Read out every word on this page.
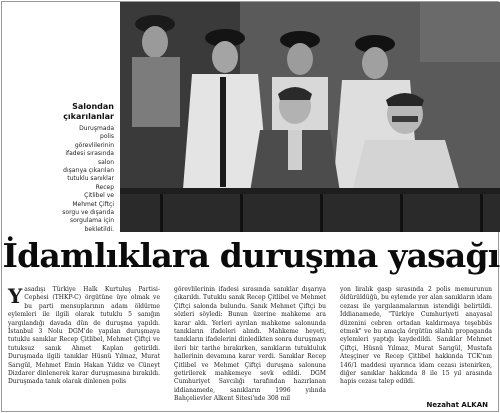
Salondan
çıkarılanlar
Duruşmada
polis
görevlilerinin
ifadesi sırasında
salon
dışarıya çıkarılan
tutuklu sanıklar
Recep
Çitlibel ve
Mehmet Çiftçi
sorgu ve dışarıda
sorgulama için
bekletildi.
İdamlıklara duruşma yasağı
Y asadışı Türkiye Halk Kurtuluş Partisi-Cephesi (THKP-C) örgütüne üye olmak ve bu parti mensuplarının adam öldürme eylemleri ile ilgili olarak tutuklu 5 sanığın yargılandığı davada dün de duruşma yapıldı. İstanbul 3 Nolu DGM'de yapılan duruşmaya tutuklu sanıklar Recep Çitlibel, Mehmet Çiftçi ve tutuksuz sanık Ahmet Kaplan getirildi. Duruşmada ilgili tanıklar Hüsnü Yılmaz, Murat Sarıgül, Mehmet Emin Hakan Yıldız ve Cüneyt Dizdarer dinlenerek karar duruşmasına bırakıldı. Duruşmada tanık olarak dinlenen polis

görevlilerinin ifadesi sırasında sanıklar dışarıya çıkarıldı. Tutuklu sanık Recep Çitlibel ve Mehmet Çiftçi salonda bulundu. Sanık Mehmet Çiftçi bu sözleri söyledi: Bunun üzerine mahkeme ara karar aldı. Yerleri ayrılan mahkeme salonunda tanıkların ifadeleri alındı. Mahkeme heyeti, tanıkların ifadelerini dinledikten sonra duruşmayı ileri bir tarihe bırakırken, sanıkların tutukluluk hallerinin devamına karar verdi. Sanıklar Recep Çitlibel ve Mehmet Çiftçi duruşma salonuna getirilerek mahkemeye sevk edildi. DGM Cumhuriyet Savcılığı tarafından hazırlanan iddianamede, sanıkların 1996 yılında Bahçelievler Alkent Sitesi'nde 308 mil

yon liralık gasp sırasında 2 polis memurunun öldürüldüğü, bu eylemde yer alan sanıkların idam cezası ile yargılanmalarının istendiği belirtildi. İddianamede, "Türkiye Cumhuriyeti anayasal düzenini cebren ortadan kaldırmaya teşebbüs etmek" ve bu amaçla örgütün silahlı propaganda eylemleri yaptığı kaydedildi. Sanıklar Mehmet Çiftçi, Hüsnü Yılmaz, Murat Sarıgül, Mustafa Ateşçiner ve Recep Çitlibel hakkında TCK'nın 146/1 maddesi uyarınca idam cezası istenirken, diğer sanıklar hakkında 8 ile 15 yıl arasında hapis cezası talep edildi.

Nezahat ALKAN
